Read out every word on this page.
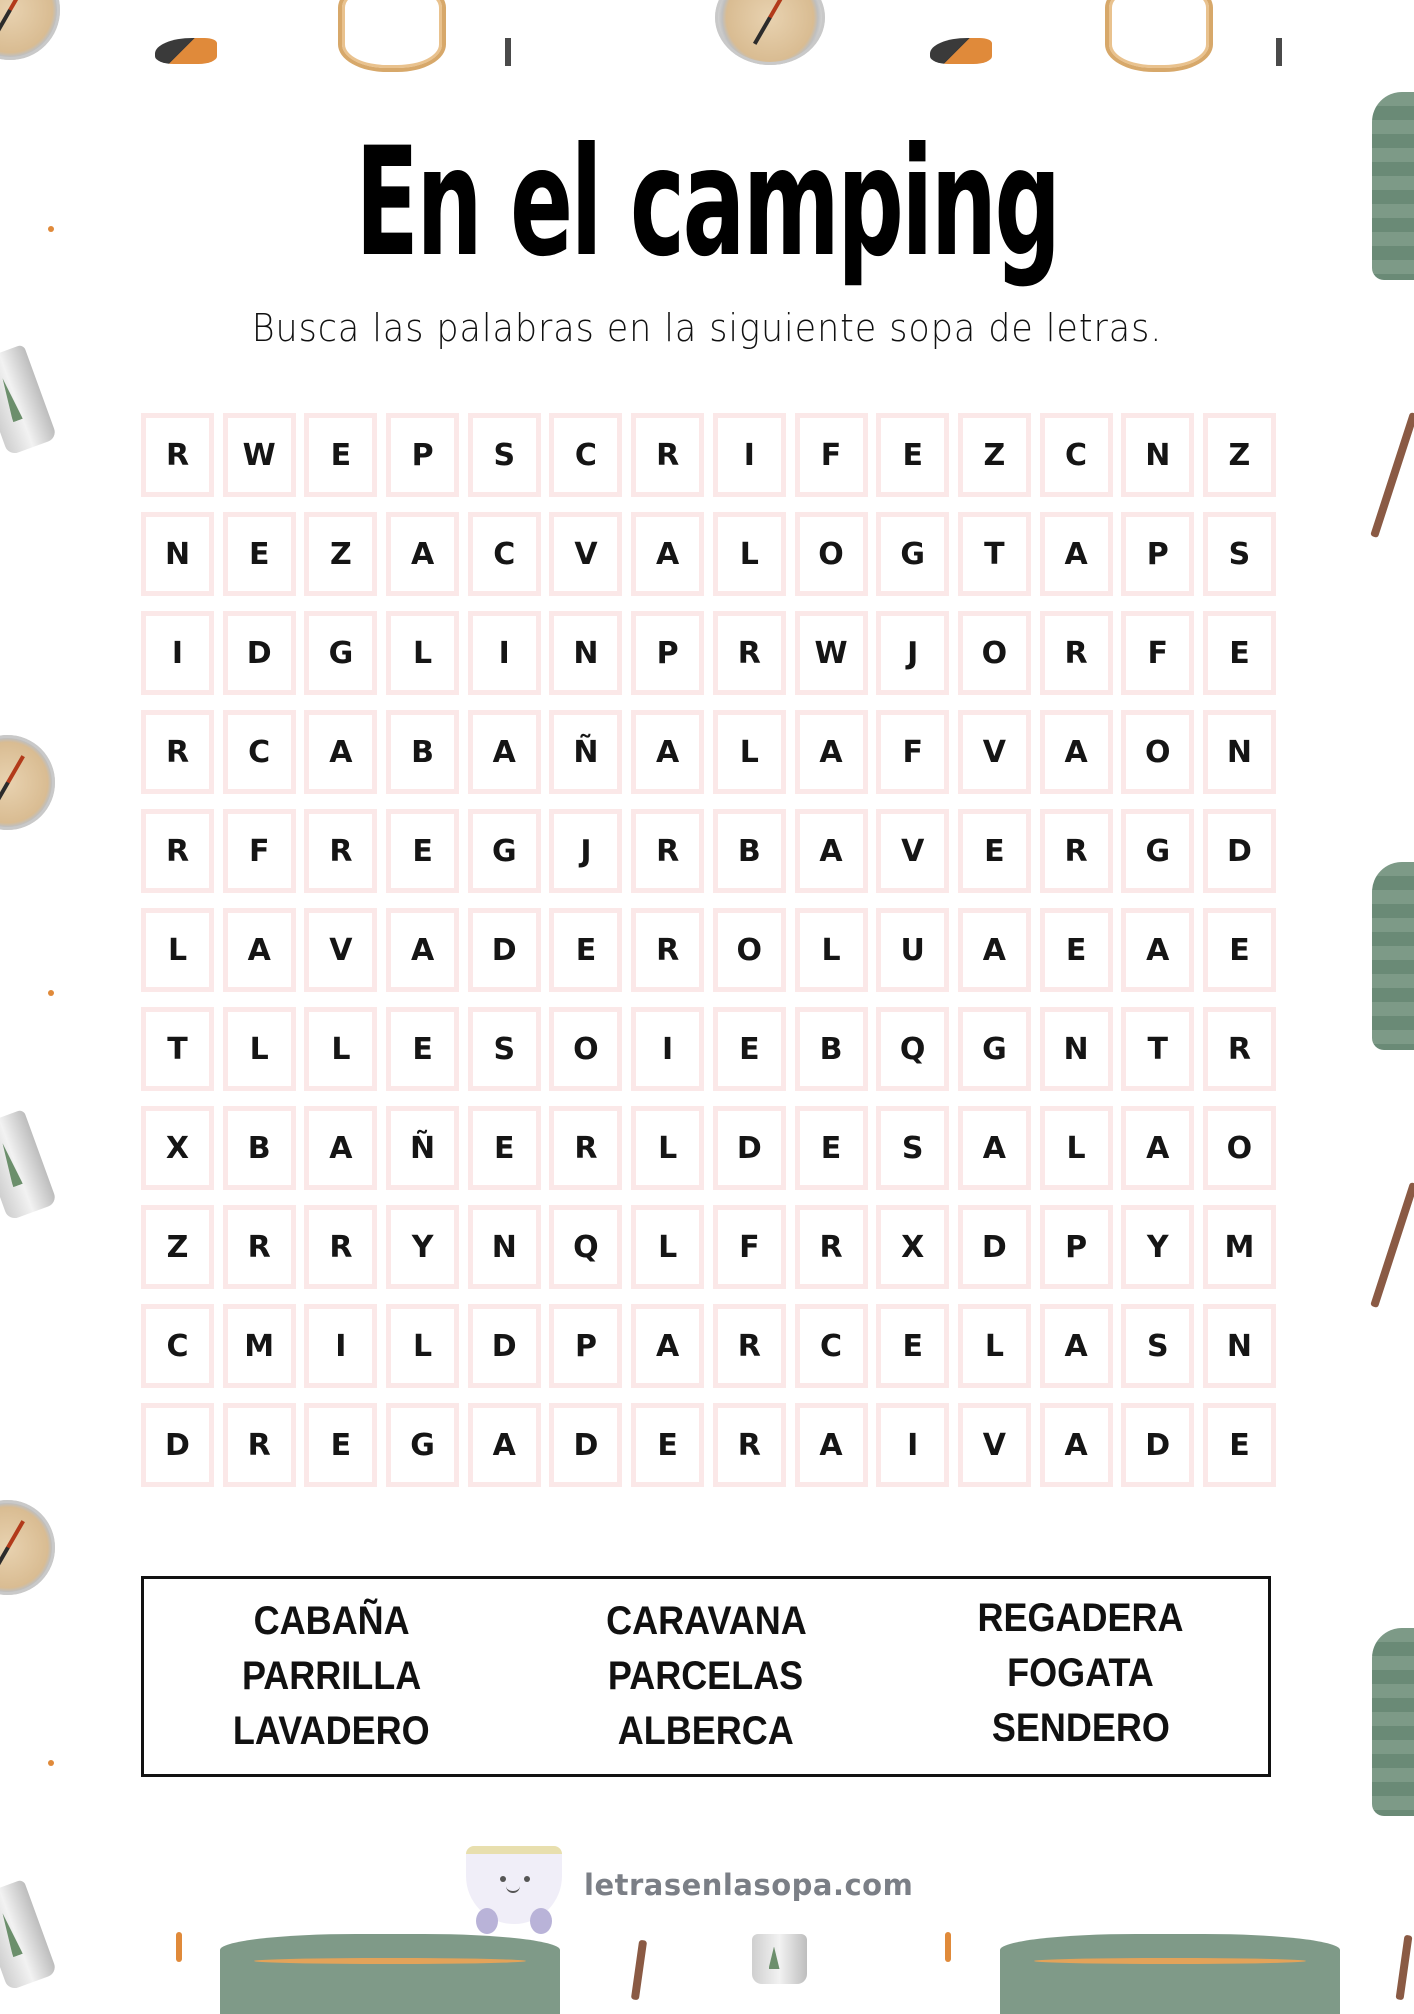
En el camping

Busca las palabras en la siguiente sopa de letras.

R	W	E	P	S	C	R	I	F	E	Z	C	N	Z
N	E	Z	A	C	V	A	L	O	G	T	A	P	S
I	D	G	L	I	N	P	R	W	J	O	R	F	E
R	C	A	B	A	Ñ	A	L	A	F	V	A	O	N
R	F	R	E	G	J	R	B	A	V	E	R	G	D
L	A	V	A	D	E	R	O	L	U	A	E	A	E
T	L	L	E	S	O	I	E	B	Q	G	N	T	R
X	B	A	Ñ	E	R	L	D	E	S	A	L	A	O
Z	R	R	Y	N	Q	L	F	R	X	D	P	Y	M
C	M	I	L	D	P	A	R	C	E	L	A	S	N
D	R	E	G	A	D	E	R	A	I	V	A	D	E
CABAÑA
PARRILLA
LAVADERO
CARAVANA
PARCELAS
ALBERCA
REGADERA
FOGATA
SENDERO
letrasenlasopa.com
